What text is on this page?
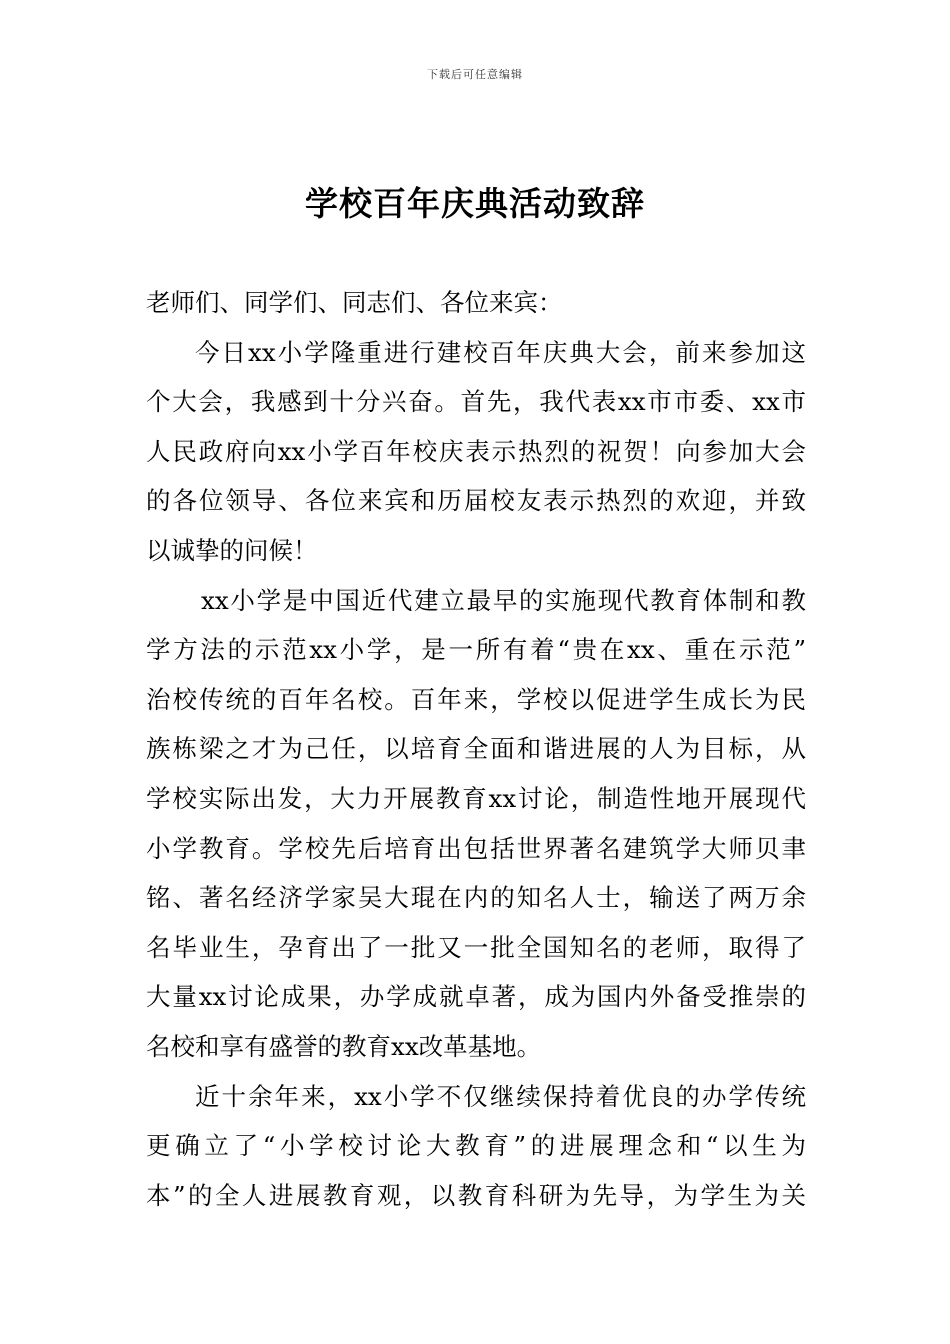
下载后可任意编辑
学校百年庆典活动致辞
老师们、同学们、同志们、各位来宾：
今日xx小学隆重进行建校百年庆典大会，前来参加这
个大会，我感到十分兴奋。首先，我代表xx市市委、xx市
人民政府向xx小学百年校庆表示热烈的祝贺！向参加大会
的各位领导、各位来宾和历届校友表示热烈的欢迎，并致
以诚挚的问候！
xx小学是中国近代建立最早的实施现代教育体制和教
学方法的示范xx小学，是一所有着“贵在xx、重在示范”
治校传统的百年名校。百年来，学校以促进学生成长为民
族栋梁之才为己任，以培育全面和谐进展的人为目标，从
学校实际出发，大力开展教育xx讨论，制造性地开展现代
小学教育。学校先后培育出包括世界著名建筑学大师贝聿
铭、著名经济学家吴大琨在内的知名人士，输送了两万余
名毕业生，孕育出了一批又一批全国知名的老师，取得了
大量xx讨论成果，办学成就卓著，成为国内外备受推崇的
名校和享有盛誉的教育xx改革基地。
近十余年来，xx小学不仅继续保持着优良的办学传统
更确立了“小学校讨论大教育”的进展理念和“以生为
本”的全人进展教育观，以教育科研为先导，为学生为关
